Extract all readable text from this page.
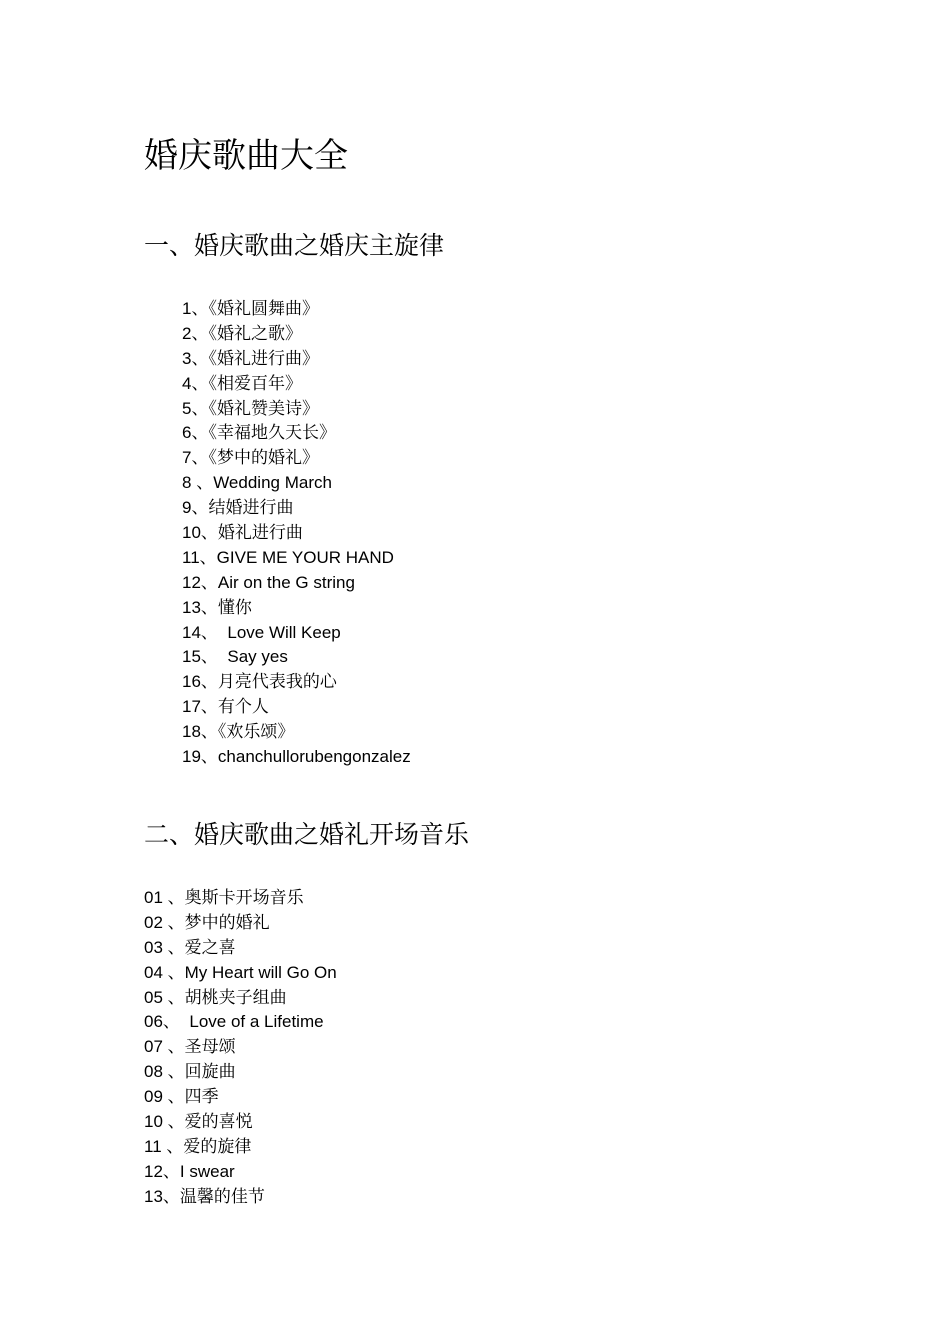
婚庆歌曲大全
一、婚庆歌曲之婚庆主旋律
1、《婚礼圆舞曲》
2、《婚礼之歌》
3、《婚礼进行曲》
4、《相爱百年》
5、《婚礼赞美诗》
6、《幸福地久天长》
7、《梦中的婚礼》
8 、Wedding March
9、结婚进行曲
10、婚礼进行曲
11、GIVE ME YOUR HAND
12、Air on the G string
13、懂你
14、  Love Will Keep
15、  Say yes
16、月亮代表我的心
17、有个人
18、《欢乐颂》
19、chanchullorubengonzalez
二、婚庆歌曲之婚礼开场音乐
01 、奥斯卡开场音乐
02 、梦中的婚礼
03 、爱之喜
04 、My Heart will Go On
05 、胡桃夹子组曲
06、  Love of a Lifetime
07 、圣母颂
08 、回旋曲
09 、四季
10 、爱的喜悦
11 、爱的旋律
12、I swear
13、温馨的佳节
